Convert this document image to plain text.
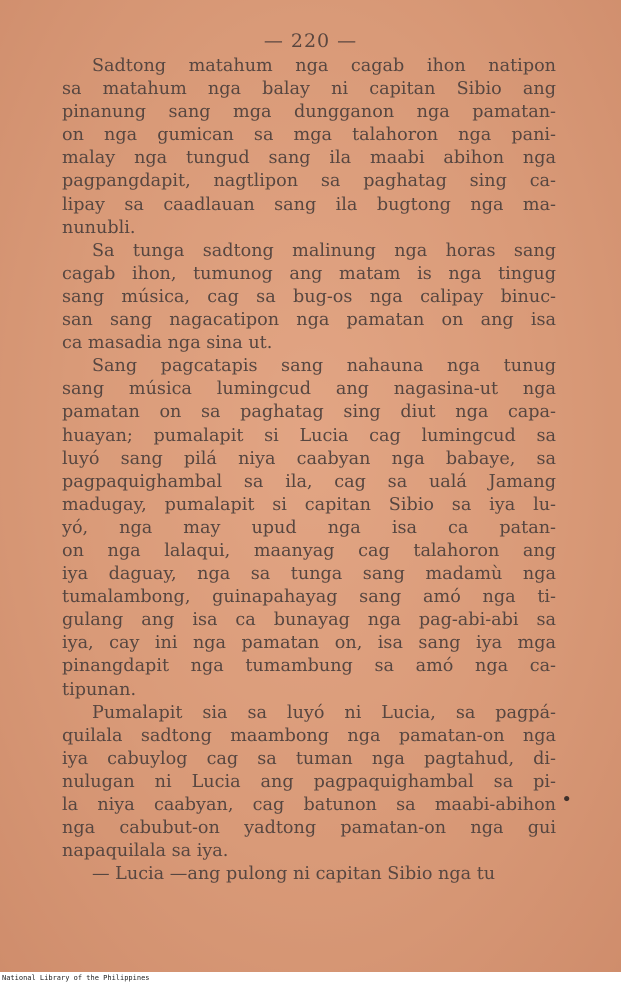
— 220 —
Sadtong matahum nga cagab ihon natipon
sa matahum nga balay ni capitan Sibio ang
pinanung sang mga dungganon nga pamatan-
on nga gumican sa mga talahoron nga pani-
malay nga tungud sang ila maabi abihon nga
pagpangdapit, nagtlipon sa paghatag sing ca-
lipay sa caadlauan sang ila bugtong nga ma-
nunubli.
Sa tunga sadtong malinung nga horas sang
cagab ihon, tumunog ang matam is nga tingug
sang música, cag sa bug-os nga calipay binuc-
san sang nagacatipon nga pamatan on ang isa
ca masadia nga sina ut.
Sang pagcatapis sang nahauna nga tunug
sang música lumingcud ang nagasina-ut nga
pamatan on sa paghatag sing diut nga capa-
huayan; pumalapit si Lucia cag lumingcud sa
luyó sang pilá niya caabyan nga babaye, sa
pagpaquighambal sa ila, cag sa ualá Jamang
madugay, pumalapit si capitan Sibio sa iya lu-
yó, nga may upud nga isa ca patan-
on nga lalaqui, maanyag cag talahoron ang
iya daguay, nga sa tunga sang madamù nga
tumalambong, guinapahayag sang amó nga ti-
gulang ang isa ca bunayag nga pag-abi-abi sa
iya, cay ini nga pamatan on, isa sang iya mga
pinangdapit nga tumambung sa amó nga ca-
tipunan.
Pumalapit sia sa luyó ni Lucia, sa pagpá-
quilala sadtong maambong nga pamatan-on nga
iya cabuylog cag sa tuman nga pagtahud, di-
nulugan ni Lucia ang pagpaquighambal sa pi-
la niya caabyan, cag batunon sa maabi-abihon
nga cabubut-on yadtong pamatan-on nga gui
napaquilala sa iya.
— Lucia —ang pulong ni capitan Sibio nga tu
•
National Library of the Philippines
